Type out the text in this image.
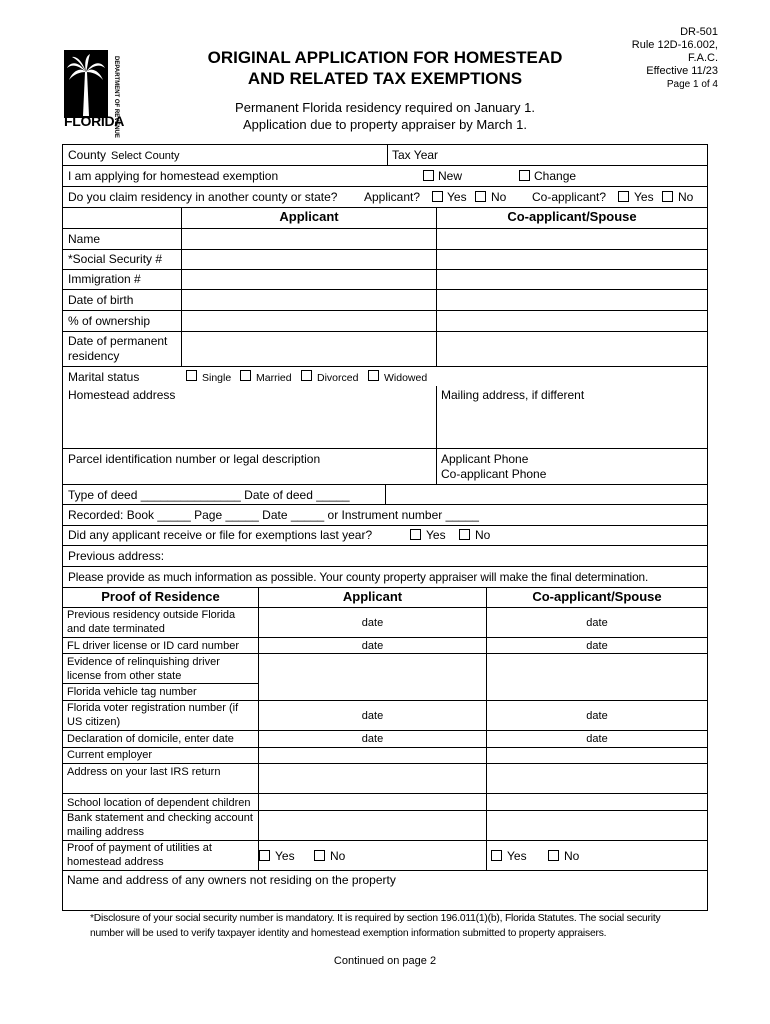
DEPARTMENT OF REVENUE
FLORIDA
ORIGINAL APPLICATION FOR HOMESTEAD
AND RELATED TAX EXEMPTIONS
Permanent Florida residency required on January 1.
Application due to property appraiser by March 1.
DR-501
Rule 12D-16.002,
F.A.C.
Effective 11/23
Page 1 of 4
County Select County	Tax Year
I am applying for homestead exemption	New	Change
Do you claim residency in another county or state? Applicant? Yes No Co-applicant? Yes No
Applicant	Co-applicant/Spouse
Name
*Social Security #
Immigration #
Date of birth
% of ownership
Date of permanent
residency
Marital status	Single Married Divorced Widowed
Homestead address	Mailing address, if different
Parcel identification number or legal description	Applicant Phone
Co-applicant Phone
Type of deed _______________ Date of deed _____
Recorded: Book _____ Page _____ Date _____ or Instrument number _____
Did any applicant receive or file for exemptions last year?	Yes No
Previous address:
Please provide as much information as possible. Your county property appraiser will make the final determination.
Proof of Residence	Applicant	Co-applicant/Spouse
Previous residency outside Florida and date terminated	date	date
FL driver license or ID card number	date	date
Evidence of relinquishing driver license from other state
Florida vehicle tag number
Florida voter registration number (if US citizen)	date	date
Declaration of domicile, enter date	date	date
Current employer
Address on your last IRS return
School location of dependent children
Bank statement and checking account mailing address
Proof of payment of utilities at homestead address	Yes	No	Yes	No
Name and address of any owners not residing on the property
*Disclosure of your social security number is mandatory. It is required by section 196.011(1)(b), Florida Statutes. The social security
number will be used to verify taxpayer identity and homestead exemption information submitted to property appraisers.
Continued on page 2
